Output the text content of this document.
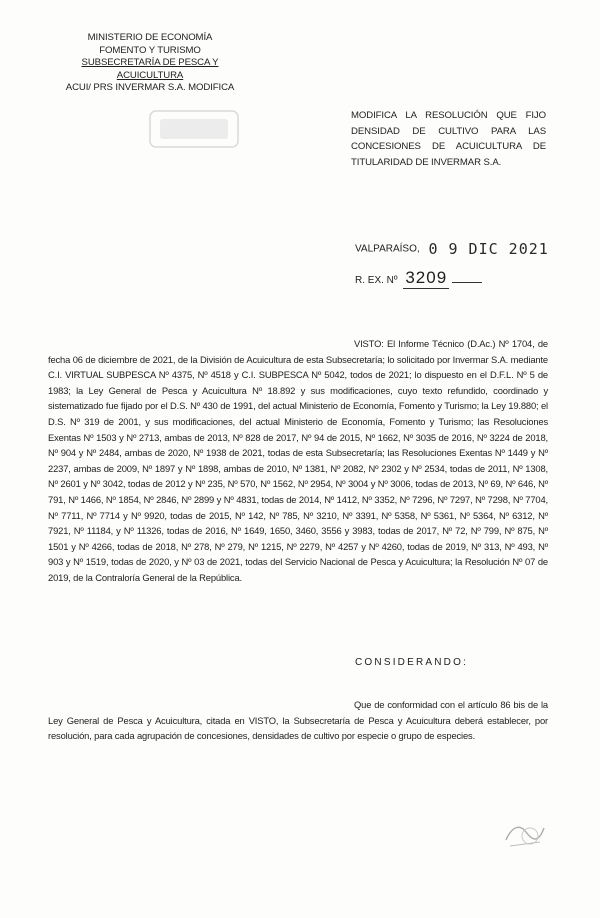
MINISTERIO DE ECONOMÍA
FOMENTO Y TURISMO
SUBSECRETARÍA DE PESCA Y ACUICULTURA
ACUI/ PRS INVERMAR S.A. MODIFICA
MODIFICA LA RESOLUCIÓN QUE FIJO DENSIDAD DE CULTIVO PARA LAS CONCESIONES DE ACUICULTURA DE TITULARIDAD DE INVERMAR S.A.
VALPARAÍSO, 0 9 DIC 2021
R. EX. Nº 3209
VISTO: El Informe Técnico (D.Ac.) Nº 1704, de fecha 06 de diciembre de 2021, de la División de Acuicultura de esta Subsecretaría; lo solicitado por Invermar S.A. mediante C.I. VIRTUAL SUBPESCA Nº 4375, Nº 4518 y C.I. SUBPESCA Nº 5042, todos de 2021; lo dispuesto en el D.F.L. Nº 5 de 1983; la Ley General de Pesca y Acuicultura Nº 18.892 y sus modificaciones, cuyo texto refundido, coordinado y sistematizado fue fijado por el D.S. Nº 430 de 1991, del actual Ministerio de Economía, Fomento y Turismo; la Ley 19.880; el D.S. Nº 319 de 2001, y sus modificaciones, del actual Ministerio de Economía, Fomento y Turismo; las Resoluciones Exentas Nº 1503 y Nº 2713, ambas de 2013, Nº 828 de 2017, Nº 94 de 2015, Nº 1662, Nº 3035 de 2016, Nº 3224 de 2018, Nº 904 y Nº 2484, ambas de 2020, Nº 1938 de 2021, todas de esta Subsecretaría; las Resoluciones Exentas Nº 1449 y Nº 2237, ambas de 2009, Nº 1897 y Nº 1898, ambas de 2010, Nº 1381, Nº 2082, Nº 2302 y Nº 2534, todas de 2011, Nº 1308, Nº 2601 y Nº 3042, todas de 2012 y Nº 235, Nº 570, Nº 1562, Nº 2954, Nº 3004 y Nº 3006, todas de 2013, Nº 69, Nº 646, Nº 791, Nº 1466, Nº 1854, Nº 2846, Nº 2899 y Nº 4831, todas de 2014, Nº 1412, Nº 3352, Nº 7296, Nº 7297, Nº 7298, Nº 7704, Nº 7711, Nº 7714 y Nº 9920, todas de 2015, Nº 142, Nº 785, Nº 3210, Nº 3391, Nº 5358, Nº 5361, Nº 5364, Nº 6312, Nº 7921, Nº 11184, y Nº 11326, todas de 2016, Nº 1649, 1650, 3460, 3556 y 3983, todas de 2017, Nº 72, Nº 799, Nº 875, Nº 1501 y Nº 4266, todas de 2018, Nº 278, Nº 279, Nº 1215, Nº 2279, Nº 4257 y Nº 4260, todas de 2019, Nº 313, Nº 493, Nº 903 y Nº 1519, todas de 2020, y Nº 03 de 2021, todas del Servicio Nacional de Pesca y Acuicultura; la Resolución Nº 07 de 2019, de la Contraloría General de la República.
CONSIDERANDO:
Que de conformidad con el artículo 86 bis de la Ley General de Pesca y Acuicultura, citada en VISTO, la Subsecretaría de Pesca y Acuicultura deberá establecer, por resolución, para cada agrupación de concesiones, densidades de cultivo por especie o grupo de especies.
